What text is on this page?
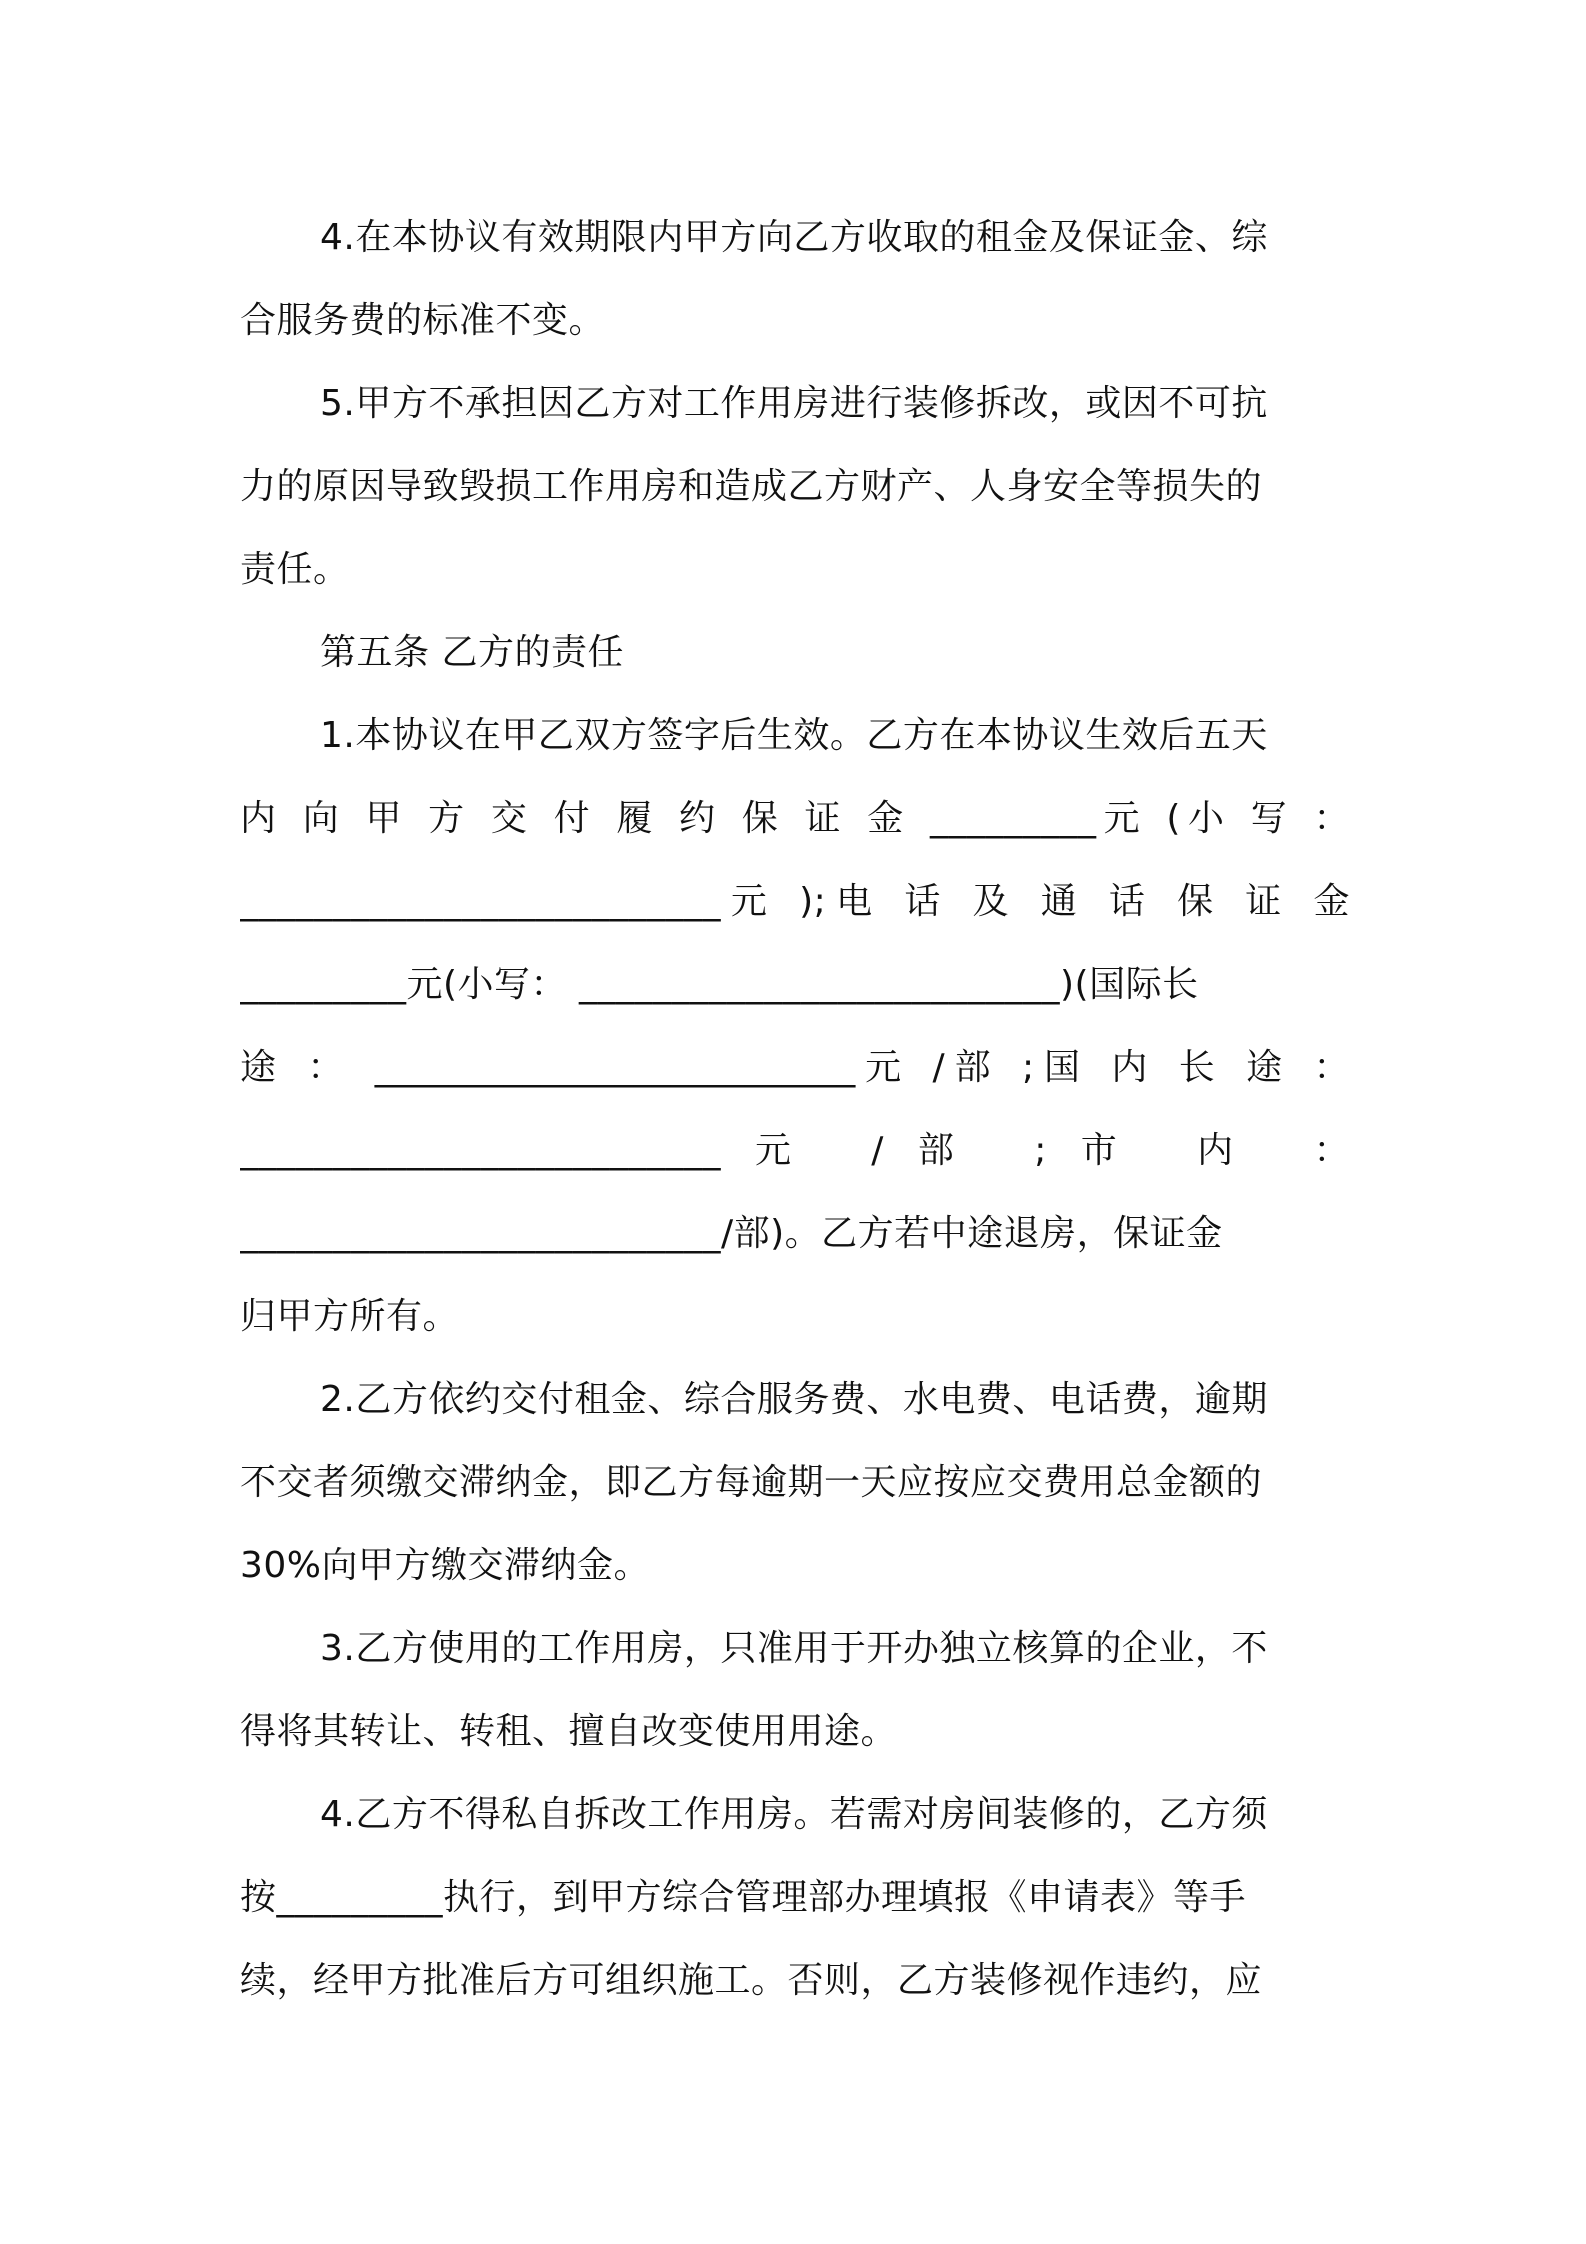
4.在本协议有效期限内甲方向乙方收取的租金及保证金、综
合服务费的标准不变。
5.甲方不承担因乙方对工作用房进行装修拆改，或因不可抗
力的原因导致毁损工作用房和造成乙方财产、人身安全等损失的
责任。
第五条 乙方的责任
1.本协议在甲乙双方签字后生效。乙方在本协议生效后五天
内 向 甲 方 交 付 履 约 保 证 金 _________元 (小 写 ：
__________________________元 );电 话 及 通 话 保 证 金
_________元(小写： __________________________)(国际长
途 ： __________________________元 /部 ;国 内 长 途 ：
__________________________元 /部 ;市 内 ：
__________________________/部)。乙方若中途退房，保证金
归甲方所有。
2.乙方依约交付租金、综合服务费、水电费、电话费，逾期
不交者须缴交滞纳金，即乙方每逾期一天应按应交费用总金额的
30%向甲方缴交滞纳金。
3.乙方使用的工作用房，只准用于开办独立核算的企业，不
得将其转让、转租、擅自改变使用用途。
4.乙方不得私自拆改工作用房。若需对房间装修的，乙方须
按_________执行，到甲方综合管理部办理填报《申请表》等手
续，经甲方批准后方可组织施工。否则，乙方装修视作违约，应
